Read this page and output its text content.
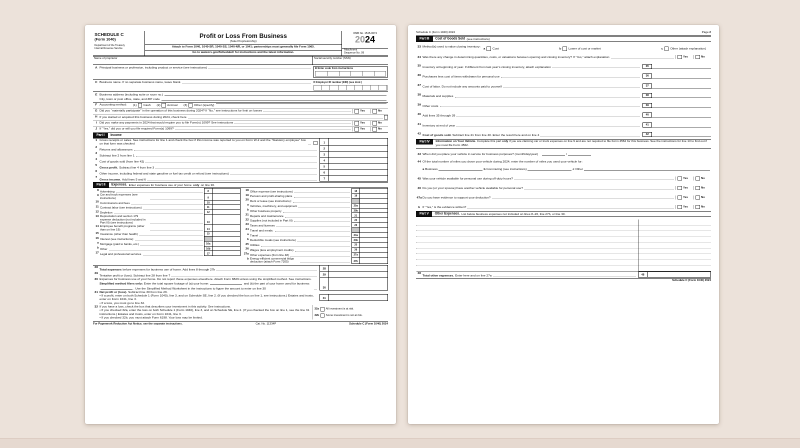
SCHEDULE C
(Form 1040)
Department of the Treasury
Internal Revenue Service
Profit or Loss From Business
(Sole Proprietorship)
Attach to Form 1040, 1040-SR, 1040-SS, 1040-NR, or 1041; partnerships must generally file Form 1065.
Go to www.irs.gov/ScheduleC for instructions and the latest information.
OMB No. 1545-0074
2024
Attachment
Sequence No. 09
Name of proprietor	Social security number (SSN)
A Principal business or profession, including product or service (see instructions)	B Enter code from instructions
C Business name. If no separate business name, leave blank.	D Employer ID number (EIN) (see instr.)
E Business address (including suite or room no.)
City, town or post office, state, and ZIP code
F Accounting method: (1) Cash (2) Accrual (3) Other (specify)
G Did you “materially participate” in the operation of this business during 2024? If “No,” see instructions for limit on losses	Yes No
H If you started or acquired this business during 2024, check here
I Did you make any payments in 2024 that would require you to file Form(s) 1099? See instructions	Yes No
J If “Yes,” did you or will you file required Form(s) 1099?	Yes No
Part I Income
1 Gross receipts or sales. See instructions for line 1 and check the box if this income was reported to you on Form W-2 and the “Statutory employee” box on that form was checked	1
2
Returns and allowances	2
3
Subtract line 2 from line 1	3
4
Cost of goods sold (from line 42)	4
5
Gross profit.Subtract line 4 from line 3	5
6
Other income, including federal and state gasoline or fuel tax credit or refund (see instructions)	6
7
Gross income.Add lines 5 and 6	7
Part II Expenses. Enter expenses for business use of your home only on line 30.
8 Advertising	8
9 Car and truck expenses (see instructions)	9
10 Commissions and fees	10
11 Contract labor (see instructions)	11
12 Depletion	12
13 Depreciation and section 179 expense deduction (not included in Part III) (see instructions)	13
14 Employee benefit programs (other than on line 19)	14
15 Insurance (other than health)	15
16 Interest (see instructions):
a Mortgage (paid to banks, etc.)	16a
b Other	16b
17 Legal and professional services	17
18 Office expense (see instructions)	18
19 Pension and profit-sharing plans	19
20 Rent or lease (see instructions):
a Vehicles, machinery, and equipment	20a
b Other business property	20b
21 Repairs and maintenance	21
22 Supplies (not included in Part III)	22
23 Taxes and licenses	23
24 Travel and meals:
a Travel	24a
b Deductible meals (see instructions)	24b
25 Utilities	25
26 Wages (less employment credits)	26
27a Other expenses (from line 48)	27a
b Energy efficient commercial bldgs deduction (attach Form 7205)	27b
28
Total expensesbefore expenses for business use of home. Add lines 8 through 27b	28
29
Tentative profit or (loss). Subtract line 28 from line 7	29
30 Expenses for business use of your home. Do not report these expenses elsewhere. Attach Form 8829 unless using the simplified method. See instructions.
Simplified method filers only:Enter the total square footage of (a) your home:	and (b) the part of your home used for business:. Use the Simplified Method Worksheet in the instructions to figure the amount to enter on line 30	30
31 Net profit or (loss).Subtract line 30 from line 29.
• If a profit, enter on both Schedule 1 (Form 1040), line 3, and on Schedule SE, line 2. (If you checked the box on line 1, see instructions.) Estates and trusts, enter on Form 1041, line 3.
• If a loss, you must go to line 32.
31
32 If you have a loss, check the box that describes your investment in this activity. See instructions.
• If you checked 32a, enter the loss on both Schedule 1 (Form 1040), line 3, and on Schedule SE, line 2. (If you checked the box on line 1, see the line 31 instructions.) Estates and trusts, enter on Form 1041, line 3.
• If you checked 32b, you must attach Form 6198. Your loss may be limited.
32a All investment is at risk.
32b Some investment is not at risk.
For Paperwork Reduction Act Notice, see the separate instructions.	Cat. No. 11334P	Schedule C (Form 1040) 2024
Schedule C (Form 1040) 2024	Page 2
Part III Cost of Goods Sold (see instructions)
33 Method(s) used to value closing inventory:
a Cost	b Lower of cost or market	c Other (attach explanation)
34 Was there any change in determining quantities, costs, or valuations between opening and closing inventory? If “Yes,” attach explanation	Yes No
35 Inventory at beginning of year. If different from last year’s closing inventory, attach explanation	35
36 Purchases less cost of items withdrawn for personal use	36
37 Cost of labor. Do not include any amounts paid to yourself	37
38 Materials and supplies	38
39 Other costs	39
40 Add lines 35 through 39	40
41 Inventory at end of year	41
42 Cost of goods sold.Subtract line 41 from line 40. Enter the result here and on line 4	42
Part IV	Information on Your Vehicle. Complete this part only if you are claiming car or truck expenses on line 9 and are not required to file Form 4562 for this business. See the instructions for line 13 to find out if you must file Form 4562.
43 When did you place your vehicle in service for business purposes? (month/day/year)	/
44 Of the total number of miles you drove your vehicle during 2024, enter the number of miles you used your vehicle for:
a
Business	b
Commuting (see instructions)	c
Other
45 Was your vehicle available for personal use during off-duty hours?	Yes No
46 Do you (or your spouse) have another vehicle available for personal use?	Yes No
47a Do you have evidence to support your deduction?	Yes No
b If “Yes,” is the evidence written?	Yes No
Part V Other Expenses. List below business expenses not included on lines 8–26, line 27b, or line 30.
48
Total other expenses.Enter here and on line 27a	48
Schedule C (Form 1040) 2024
